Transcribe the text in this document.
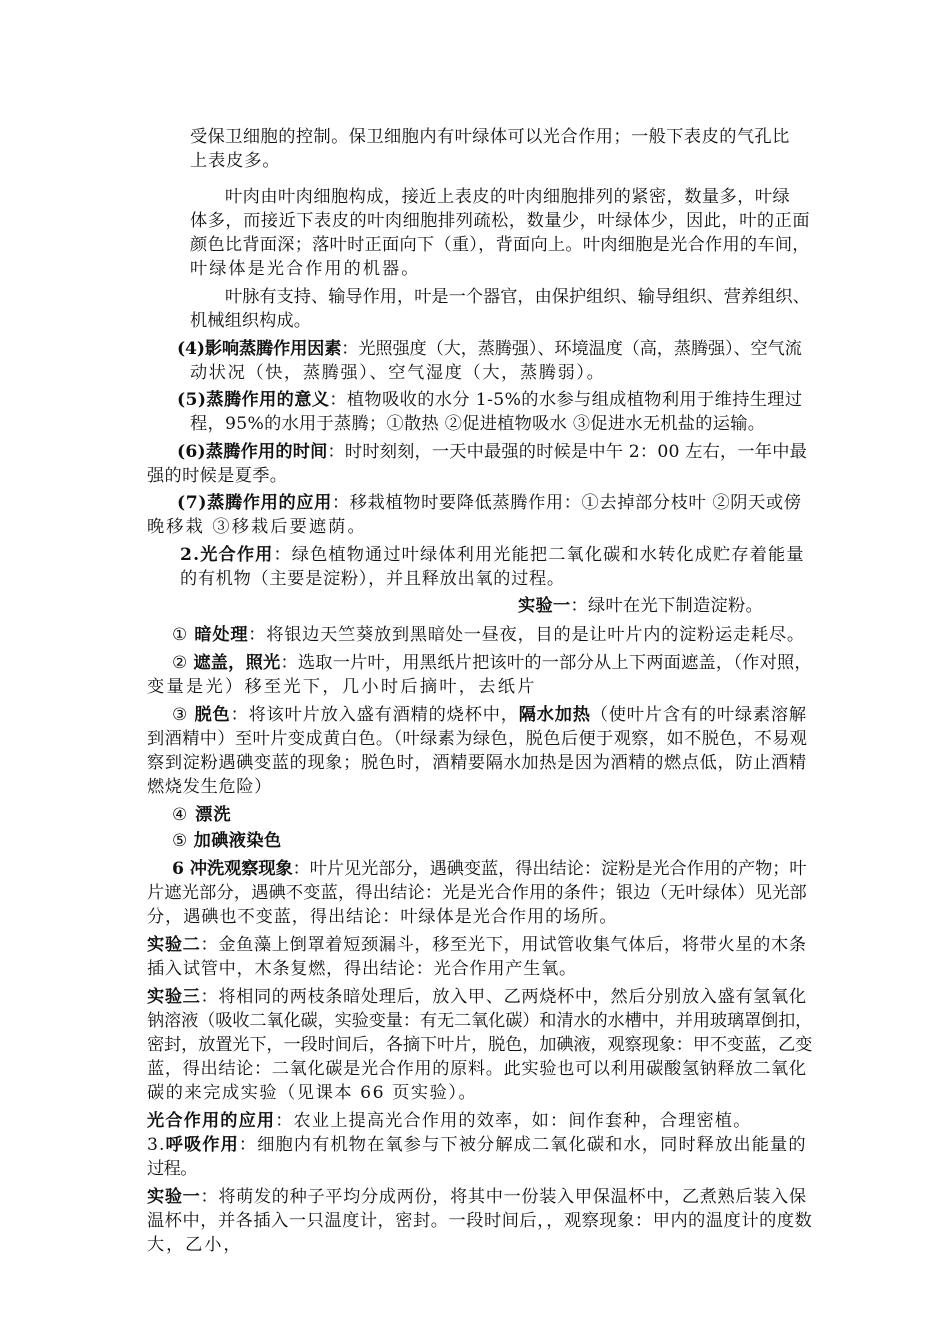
受保卫细胞的控制。保卫细胞内有叶绿体可以光合作用；一般下表皮的气孔比
上表皮多。
叶肉由叶肉细胞构成，接近上表皮的叶肉细胞排列的紧密，数量多，叶绿
体多，而接近下表皮的叶肉细胞排列疏松，数量少，叶绿体少，因此，叶的正面
颜色比背面深；落叶时正面向下（重），背面向上。叶肉细胞是光合作用的车间，
叶绿体是光合作用的机器。
叶脉有支持、输导作用，叶是一个器官，由保护组织、输导组织、营养组织、
机械组织构成。
(4)影响蒸腾作用因素：光照强度（大，蒸腾强）、环境温度（高，蒸腾强）、空气流
动状况（快，蒸腾强）、空气湿度（大，蒸腾弱）。
(5)蒸腾作用的意义：植物吸收的水分 1-5%的水参与组成植物利用于维持生理过
程，95%的水用于蒸腾；①散热 ②促进植物吸水 ③促进水无机盐的运输。
(6)蒸腾作用的时间：时时刻刻，一天中最强的时候是中午 2：00 左右，一年中最
强的时候是夏季。
(7)蒸腾作用的应用：移栽植物时要降低蒸腾作用：①去掉部分枝叶 ②阴天或傍
晚移栽 ③移栽后要遮荫。
2.光合作用：绿色植物通过叶绿体利用光能把二氧化碳和水转化成贮存着能量
的有机物（主要是淀粉），并且释放出氧的过程。
实验一：绿叶在光下制造淀粉。
① 暗处理：将银边天竺葵放到黑暗处一昼夜，目的是让叶片内的淀粉运走耗尽。
② 遮盖，照光：选取一片叶，用黑纸片把该叶的一部分从上下两面遮盖，（作对照，
变量是光）移至光下，几小时后摘叶，去纸片
③ 脱色：将该叶片放入盛有酒精的烧杯中，隔水加热（使叶片含有的叶绿素溶解
到酒精中）至叶片变成黄白色。（叶绿素为绿色，脱色后便于观察，如不脱色，不易观
察到淀粉遇碘变蓝的现象；脱色时，酒精要隔水加热是因为酒精的燃点低，防止酒精
燃烧发生危险）
④ 漂洗
⑤ 加碘液染色
6 冲洗观察现象：叶片见光部分，遇碘变蓝，得出结论：淀粉是光合作用的产物；叶
片遮光部分，遇碘不变蓝，得出结论：光是光合作用的条件；银边（无叶绿体）见光部
分，遇碘也不变蓝，得出结论：叶绿体是光合作用的场所。
实验二：金鱼藻上倒罩着短颈漏斗，移至光下，用试管收集气体后，将带火星的木条
插入试管中，木条复燃，得出结论：光合作用产生氧。
实验三：将相同的两枝条暗处理后，放入甲、乙两烧杯中，然后分别放入盛有氢氧化
钠溶液（吸收二氧化碳，实验变量：有无二氧化碳）和清水的水槽中，并用玻璃罩倒扣，
密封，放置光下，一段时间后，各摘下叶片，脱色，加碘液，观察现象：甲不变蓝，乙变
蓝，得出结论：二氧化碳是光合作用的原料。此实验也可以利用碳酸氢钠释放二氧化
碳的来完成实验（见课本 66 页实验）。
光合作用的应用：农业上提高光合作用的效率，如：间作套种，合理密植。
3.呼吸作用：细胞内有机物在氧参与下被分解成二氧化碳和水，同时释放出能量的
过程。
实验一：将萌发的种子平均分成两份，将其中一份装入甲保温杯中，乙煮熟后装入保
温杯中，并各插入一只温度计，密封。一段时间后，，观察现象：甲内的温度计的度数
大，乙小，
